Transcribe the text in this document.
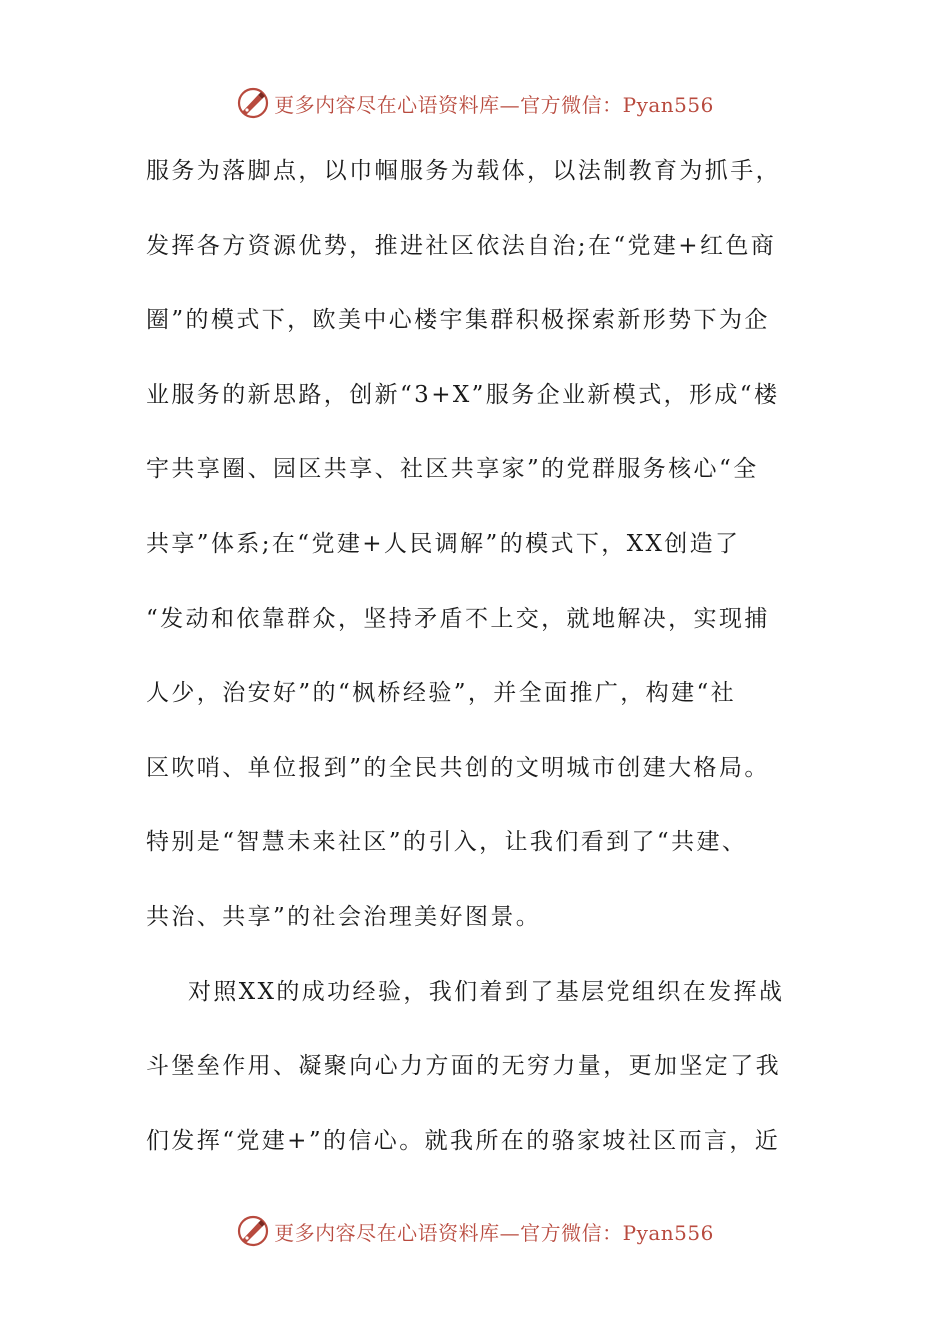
更多内容尽在心语资料库—官方微信：Pyan556
服务为落脚点，以巾帼服务为载体，以法制教育为抓手，
发挥各方资源优势，推进社区依法自治;在“党建+红色商
圈”的模式下，欧美中心楼宇集群积极探索新形势下为企
业服务的新思路，创新“3+X”服务企业新模式，形成“楼
宇共享圈、园区共享、社区共享家”的党群服务核心“全
共享”体系;在“党建+人民调解”的模式下，XX创造了
“发动和依靠群众，坚持矛盾不上交，就地解决，实现捕
人少，治安好”的“枫桥经验”，并全面推广，构建“社
区吹哨、单位报到”的全民共创的文明城市创建大格局。
特别是“智慧未来社区”的引入，让我们看到了“共建、
共治、共享”的社会治理美好图景。
对照XX的成功经验，我们着到了基层党组织在发挥战
斗堡垒作用、凝聚向心力方面的无穷力量，更加坚定了我
们发挥“党建+”的信心。就我所在的骆家坡社区而言，近
更多内容尽在心语资料库—官方微信：Pyan556
